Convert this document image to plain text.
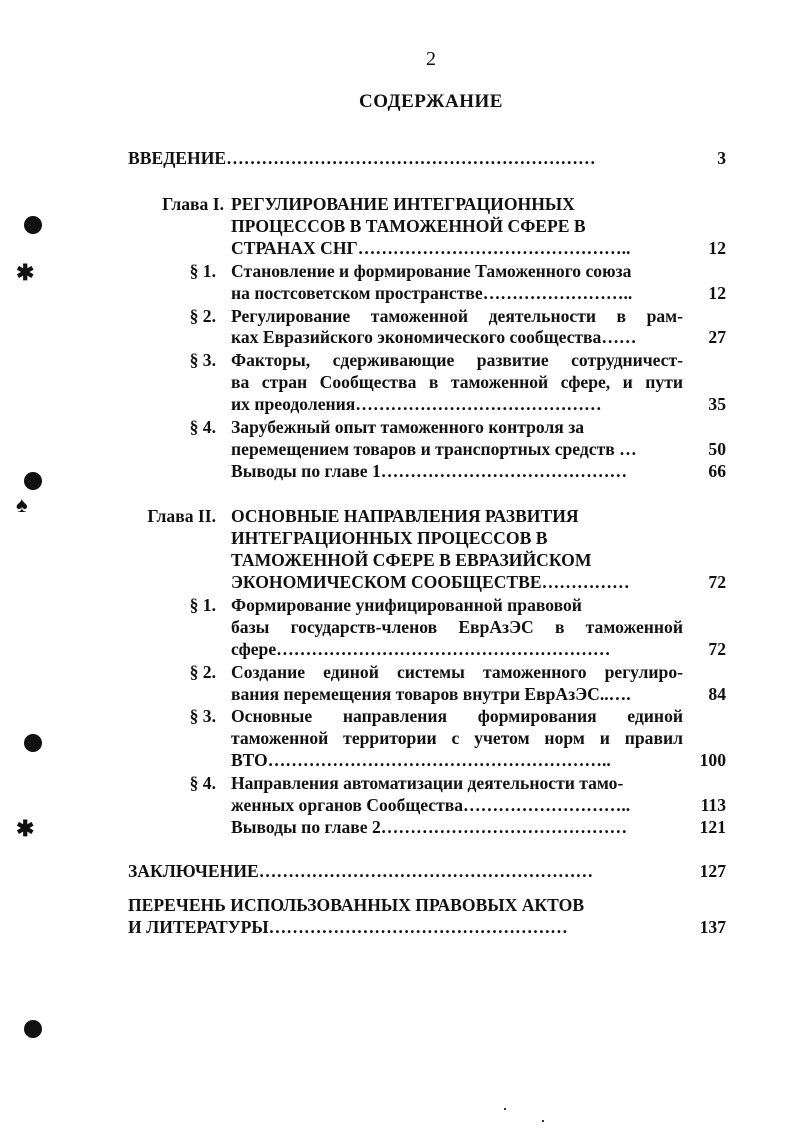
2
СОДЕРЖАНИЕ
ВВЕДЕНИЕ………………………………………………………	3
Глава I. РЕГУЛИРОВАНИЕ ИНТЕГРАЦИОННЫХ
ПРОЦЕССОВ В ТАМОЖЕННОЙ СФЕРЕ В
СТРАНАХ СНГ………………………………………..	12
§ 1. Становление и формирование Таможенного союза
на постсоветском пространстве……………………..	12
§ 2. Регулирование таможенной деятельности в рам-
ках Евразийского экономического сообщества……	27
§ 3. Факторы, сдерживающие развитие сотрудничест-
ва стран Сообщества в таможенной сфере, и пути
их преодоления……………………………………	35
§ 4. Зарубежный опыт таможенного контроля за
перемещением товаров и транспортных средств …	50
Выводы по главе 1……………………………………	66
Глава II. ОСНОВНЫЕ НАПРАВЛЕНИЯ РАЗВИТИЯ
ИНТЕГРАЦИОННЫХ ПРОЦЕССОВ В
ТАМОЖЕННОЙ СФЕРЕ В ЕВРАЗИЙСКОМ
ЭКОНОМИЧЕСКОМ СООБЩЕСТВЕ……………	72
§ 1. Формирование унифицированной правовой
базы государств-членов ЕврАзЭС в таможенной
сфере…………………………………………………	72
§ 2. Создание единой системы таможенного регулиро-
вания перемещения товаров внутри ЕврАзЭС..….	84
§ 3. Основные направления формирования единой
таможенной территории с учетом норм и правил
ВТО…………………………………………………..	100
§ 4. Направления автоматизации деятельности тамо-
женных органов Сообщества………………………..	113
Выводы по главе 2……………………………………	121
ЗАКЛЮЧЕНИЕ…………………………………………………	127
ПЕРЕЧЕНЬ ИСПОЛЬЗОВАННЫХ ПРАВОВЫХ АКТОВ
И ЛИТЕРАТУРЫ……………………………………………	137
✱
♠
✱
